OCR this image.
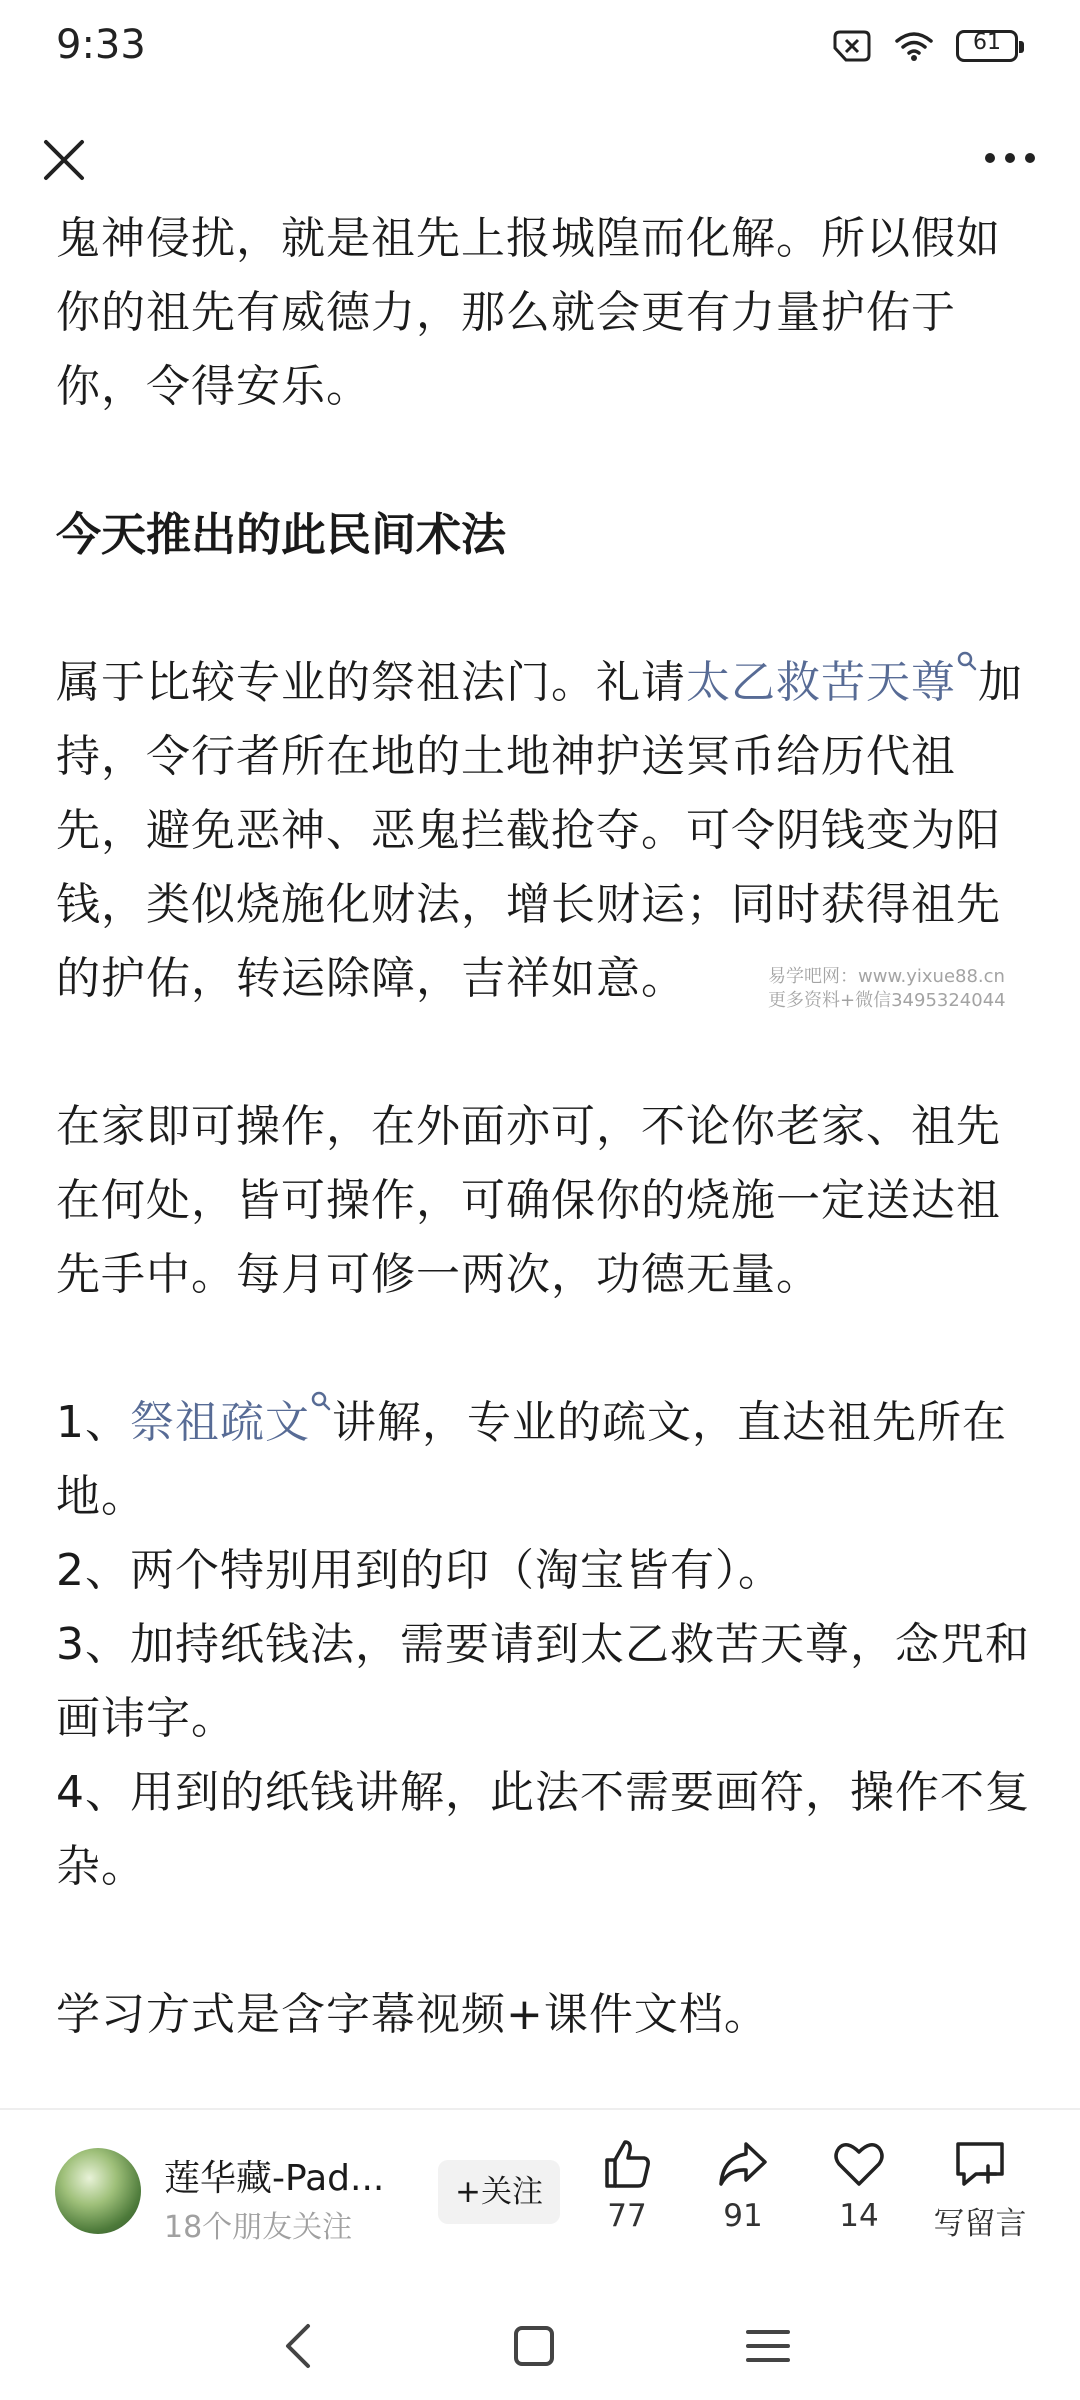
9:33	61

鬼神侵扰，就是祖先上报城隍而化解。所以假如你的祖先有威德力，那么就会更有力量护佑于你，令得安乐。

今天推出的此民间术法

属于比较专业的祭祖法门。礼请太乙救苦天尊 加持，令行者所在地的土地神护送冥币给历代祖先，避免恶神、恶鬼拦截抢夺。可令阴钱变为阳钱，类似烧施化财法，增长财运；同时获得祖先的护佑，转运除障，吉祥如意。

在家即可操作，在外面亦可，不论你老家、祖先在何处，皆可操作，可确保你的烧施一定送达祖先手中。每月可修一两次，功德无量。

1、祭祖疏文 讲解，专业的疏文，直达祖先所在地。

2、两个特别用到的印（淘宝皆有）。

3、加持纸钱法，需要请到太乙救苦天尊，念咒和画讳字。

4、用到的纸钱讲解，此法不需要画符，操作不复杂。

学习方式是含字幕视频+课件文档。

易学吧网：www.yixue88.cn
更多资料+微信3495324044
莲华藏-Pad...
18个朋友关注
+关注
77	91	14	写留言
